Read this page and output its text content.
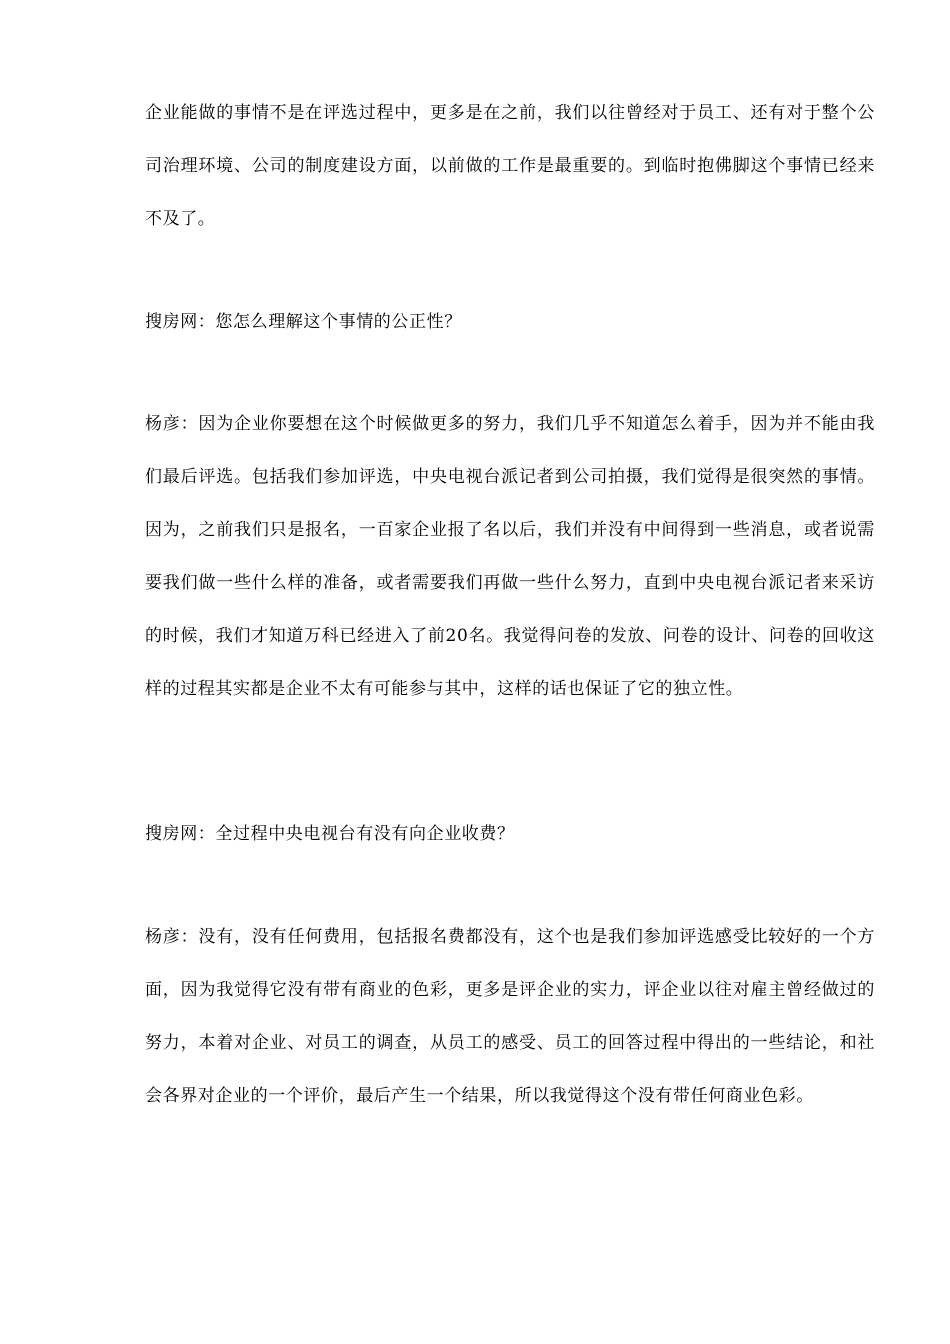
企业能做的事情不是在评选过程中，更多是在之前，我们以往曾经对于员工、还有对于整个公司治理环境、公司的制度建设方面，以前做的工作是最重要的。到临时抱佛脚这个事情已经来不及了。

搜房网：您怎么理解这个事情的公正性？

杨彦：因为企业你要想在这个时候做更多的努力，我们几乎不知道怎么着手，因为并不能由我们最后评选。包括我们参加评选，中央电视台派记者到公司拍摄，我们觉得是很突然的事情。因为，之前我们只是报名，一百家企业报了名以后，我们并没有中间得到一些消息，或者说需要我们做一些什么样的准备，或者需要我们再做一些什么努力，直到中央电视台派记者来采访的时候，我们才知道万科已经进入了前20名。我觉得问卷的发放、问卷的设计、问卷的回收这样的过程其实都是企业不太有可能参与其中，这样的话也保证了它的独立性。

搜房网：全过程中央电视台有没有向企业收费？

杨彦：没有，没有任何费用，包括报名费都没有，这个也是我们参加评选感受比较好的一个方面，因为我觉得它没有带有商业的色彩，更多是评企业的实力，评企业以往对雇主曾经做过的努力，本着对企业、对员工的调查，从员工的感受、员工的回答过程中得出的一些结论，和社会各界对企业的一个评价，最后产生一个结果，所以我觉得这个没有带任何商业色彩。
